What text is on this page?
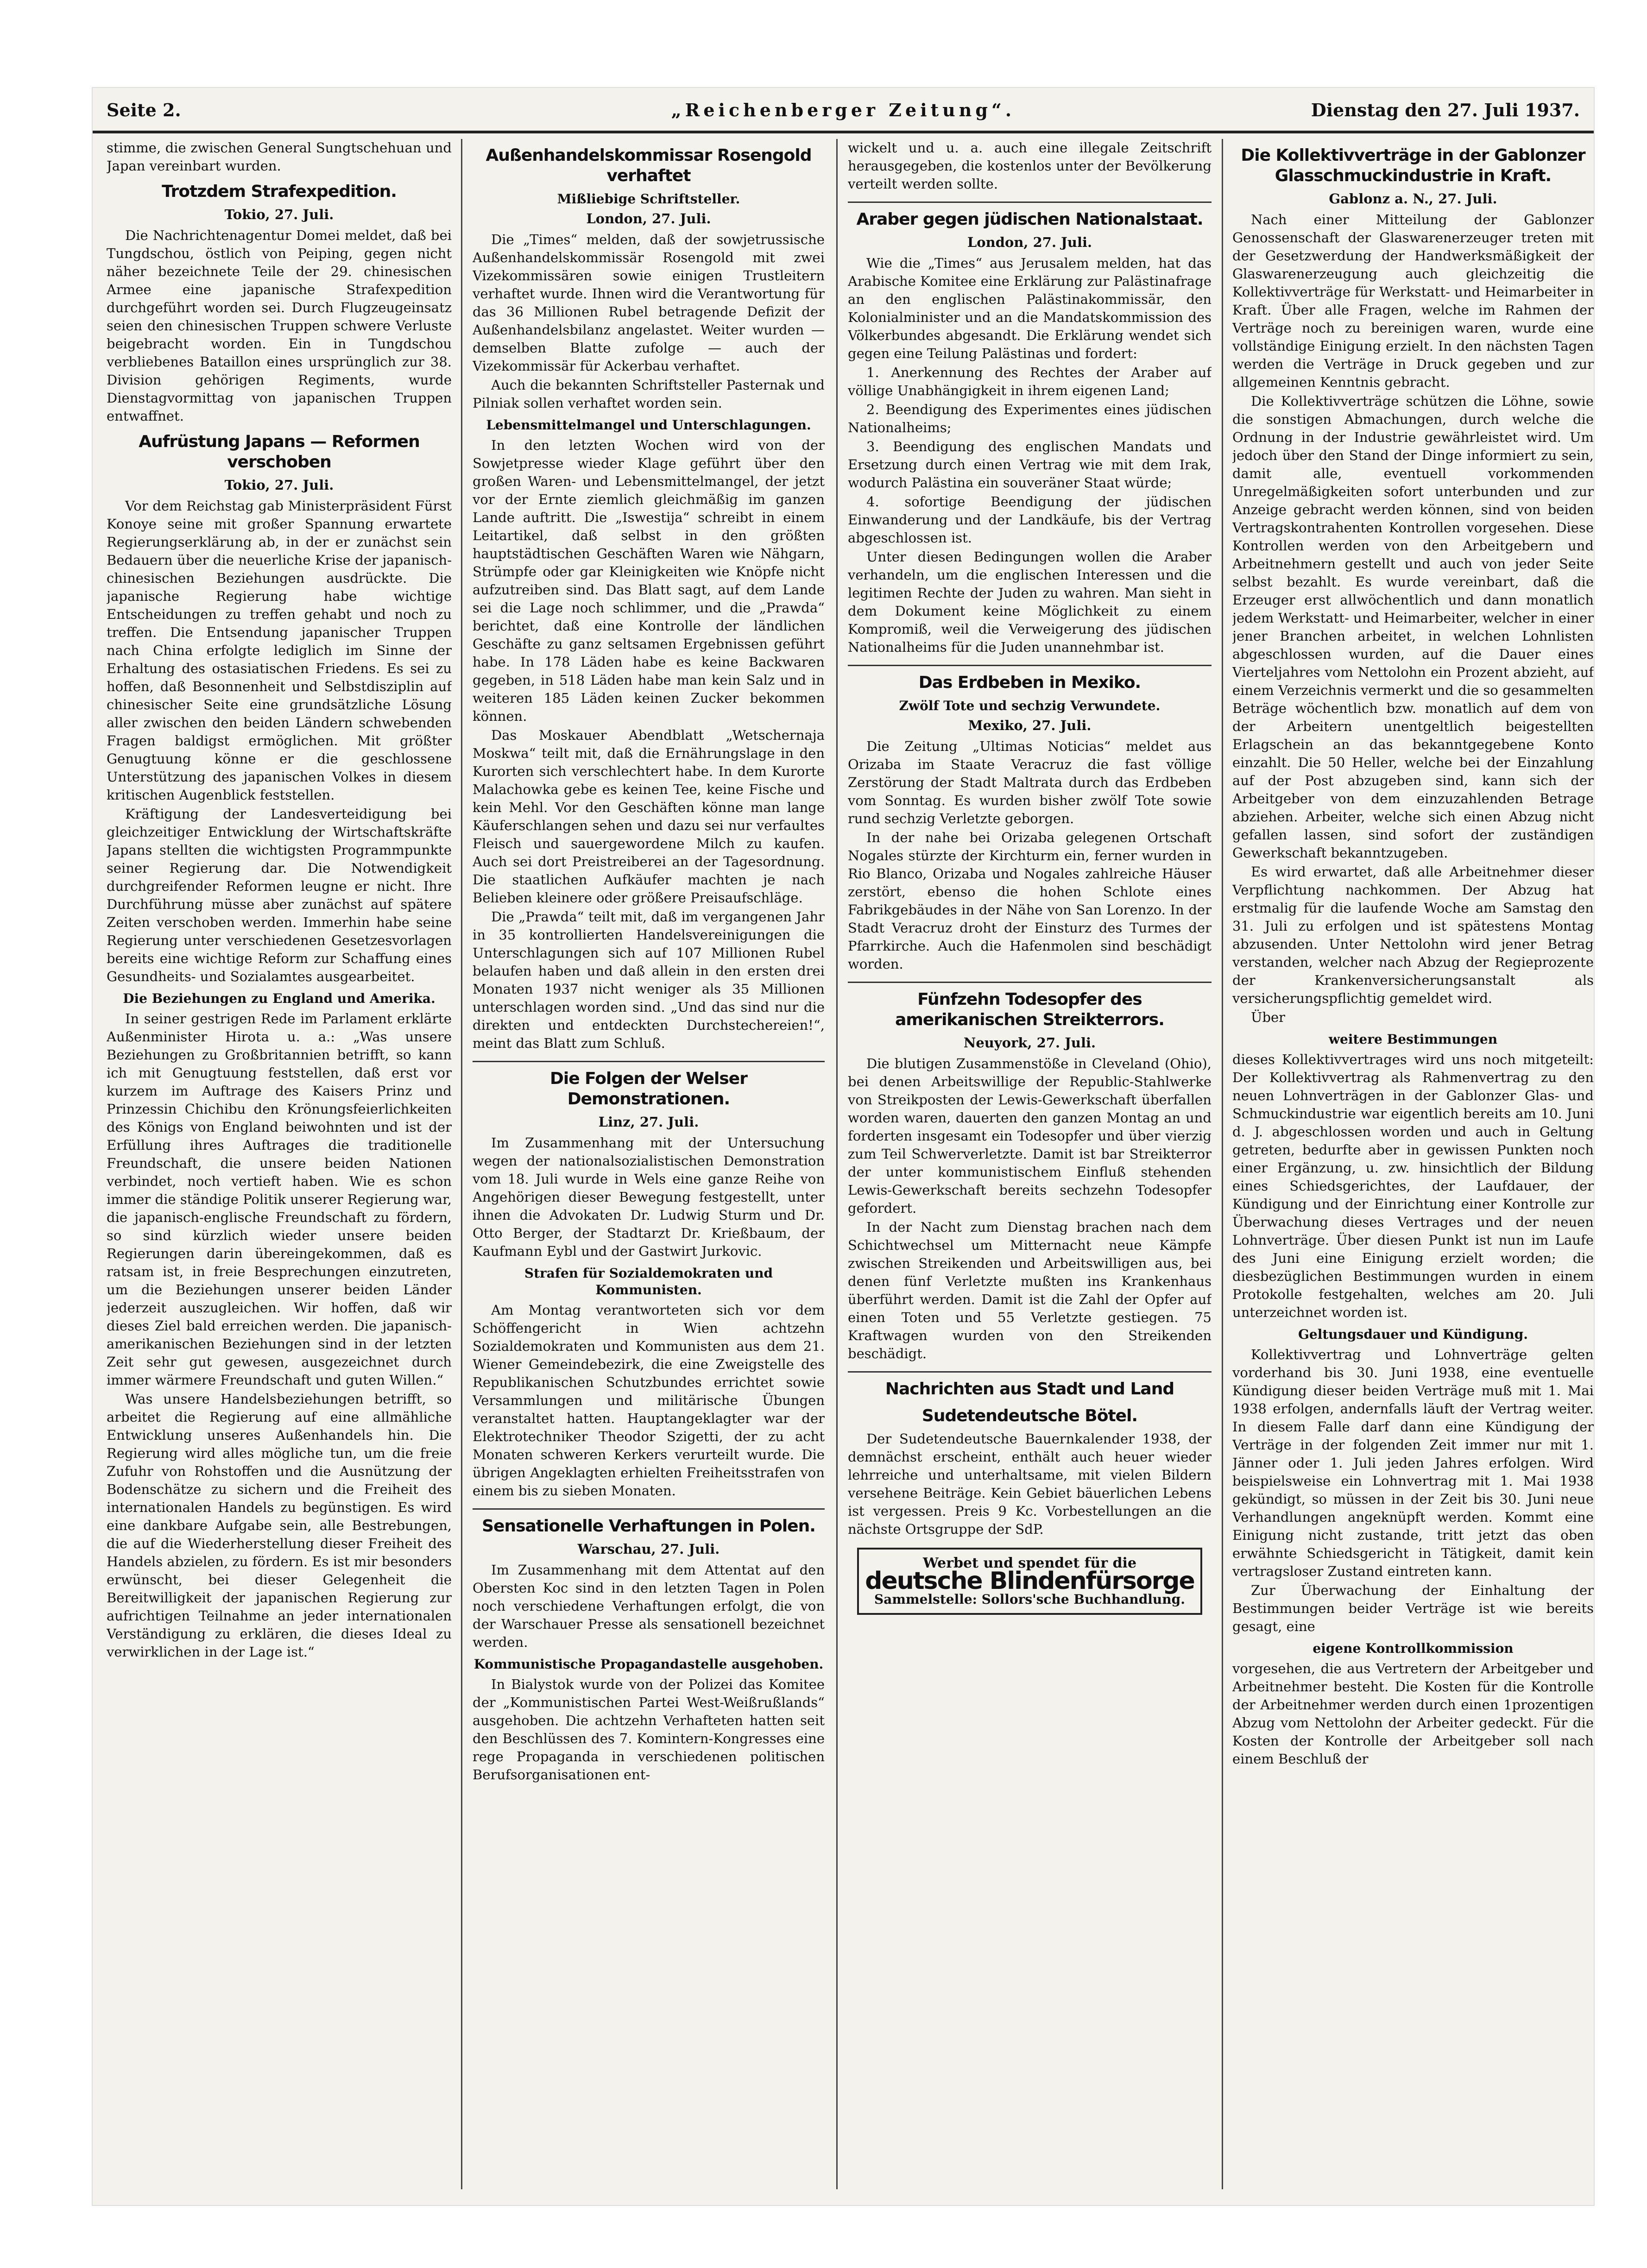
Seite 2.	„Reichenberger Zeitung“.	Dienstag den 27. Juli 1937.

stimme, die zwischen General Sungtschehuan und Japan vereinbart wurden.

Trotzdem Strafexpedition.
Tokio, 27. Juli.

Die Nachrichtenagentur Domei meldet, daß bei Tungdschou, östlich von Peiping, gegen nicht näher bezeichnete Teile der 29. chinesischen Armee eine japanische Strafexpedition durchgeführt worden sei. Durch Flugzeugeinsatz seien den chinesischen Truppen schwere Verluste beigebracht worden. Ein in Tungdschou verbliebenes Bataillon eines ursprünglich zur 38. Division gehörigen Regiments, wurde Dienstagvormittag von japanischen Truppen entwaffnet.

Aufrüstung Japans — Reformen verschoben
Tokio, 27. Juli.

Vor dem Reichstag gab Ministerpräsident Fürst Konoye seine mit großer Spannung erwartete Regierungserklärung ab, in der er zunächst sein Bedauern über die neuerliche Krise der japanisch-chinesischen Beziehungen ausdrückte. Die japanische Regierung habe wichtige Entscheidungen zu treffen gehabt und noch zu treffen. Die Entsendung japanischer Truppen nach China erfolgte lediglich im Sinne der Erhaltung des ostasiatischen Friedens. Es sei zu hoffen, daß Besonnenheit und Selbstdisziplin auf chinesischer Seite eine grundsätzliche Lösung aller zwischen den beiden Ländern schwebenden Fragen baldigst ermöglichen. Mit größter Genugtuung könne er die geschlossene Unterstützung des japanischen Volkes in diesem kritischen Augenblick feststellen.

Kräftigung der Landesverteidigung bei gleichzeitiger Entwicklung der Wirtschaftskräfte Japans stellten die wichtigsten Programmpunkte seiner Regierung dar. Die Notwendigkeit durchgreifender Reformen leugne er nicht. Ihre Durchführung müsse aber zunächst auf spätere Zeiten verschoben werden. Immerhin habe seine Regierung unter verschiedenen Gesetzesvorlagen bereits eine wichtige Reform zur Schaffung eines Gesundheits- und Sozialamtes ausgearbeitet.

Die Beziehungen zu England und Amerika.

In seiner gestrigen Rede im Parlament erklärte Außenminister Hirota u. a.: „Was unsere Beziehungen zu Großbritannien betrifft, so kann ich mit Genugtuung feststellen, daß erst vor kurzem im Auftrage des Kaisers Prinz und Prinzessin Chichibu den Krönungsfeierlichkeiten des Königs von England beiwohnten und ist der Erfüllung ihres Auftrages die traditionelle Freundschaft, die unsere beiden Nationen verbindet, noch vertieft haben. Wie es schon immer die ständige Politik unserer Regierung war, die japanisch-englische Freundschaft zu fördern, so sind kürzlich wieder unsere beiden Regierungen darin übereingekommen, daß es ratsam ist, in freie Besprechungen einzutreten, um die Beziehungen unserer beiden Länder jederzeit auszugleichen. Wir hoffen, daß wir dieses Ziel bald erreichen werden. Die japanisch-amerikanischen Beziehungen sind in der letzten Zeit sehr gut gewesen, ausgezeichnet durch immer wärmere Freundschaft und guten Willen.“

Was unsere Handelsbeziehungen betrifft, so arbeitet die Regierung auf eine allmähliche Entwicklung unseres Außenhandels hin. Die Regierung wird alles mögliche tun, um die freie Zufuhr von Rohstoffen und die Ausnützung der Bodenschätze zu sichern und die Freiheit des internationalen Handels zu begünstigen. Es wird eine dankbare Aufgabe sein, alle Bestrebungen, die auf die Wiederherstellung dieser Freiheit des Handels abzielen, zu fördern. Es ist mir besonders erwünscht, bei dieser Gelegenheit die Bereitwilligkeit der japanischen Regierung zur aufrichtigen Teilnahme an jeder internationalen Verständigung zu erklären, die dieses Ideal zu verwirklichen in der Lage ist.“

Außenhandelskommissar Rosengold verhaftet
Mißliebige Schriftsteller.
London, 27. Juli.

Die „Times“ melden, daß der sowjetrussische Außenhandelskommissär Rosengold mit zwei Vizekommissären sowie einigen Trustleitern verhaftet wurde. Ihnen wird die Verantwortung für das 36 Millionen Rubel betragende Defizit der Außenhandelsbilanz angelastet. Weiter wurden — demselben Blatte zufolge — auch der Vizekommissär für Ackerbau verhaftet.

Auch die bekannten Schriftsteller Pasternak und Pilniak sollen verhaftet worden sein.

Lebensmittelmangel und Unterschlagungen.

In den letzten Wochen wird von der Sowjetpresse wieder Klage geführt über den großen Waren- und Lebensmittelmangel, der jetzt vor der Ernte ziemlich gleichmäßig im ganzen Lande auftritt. Die „Iswestija“ schreibt in einem Leitartikel, daß selbst in den größten hauptstädtischen Geschäften Waren wie Nähgarn, Strümpfe oder gar Kleinigkeiten wie Knöpfe nicht aufzutreiben sind. Das Blatt sagt, auf dem Lande sei die Lage noch schlimmer, und die „Prawda“ berichtet, daß eine Kontrolle der ländlichen Geschäfte zu ganz seltsamen Ergebnissen geführt habe. In 178 Läden habe es keine Backwaren gegeben, in 518 Läden habe man kein Salz und in weiteren 185 Läden keinen Zucker bekommen können.

Das Moskauer Abendblatt „Wetschernaja Moskwa“ teilt mit, daß die Ernährungslage in den Kurorten sich verschlechtert habe. In dem Kurorte Malachowka gebe es keinen Tee, keine Fische und kein Mehl. Vor den Geschäften könne man lange Käuferschlangen sehen und dazu sei nur verfaultes Fleisch und sauergewordene Milch zu kaufen. Auch sei dort Preistreiberei an der Tagesordnung. Die staatlichen Aufkäufer machten je nach Belieben kleinere oder größere Preisaufschläge.

Die „Prawda“ teilt mit, daß im vergangenen Jahr in 35 kontrollierten Handelsvereinigungen die Unterschlagungen sich auf 107 Millionen Rubel belaufen haben und daß allein in den ersten drei Monaten 1937 nicht weniger als 35 Millionen unterschlagen worden sind. „Und das sind nur die direkten und entdeckten Durchstechereien!“, meint das Blatt zum Schluß.

Die Folgen der Welser Demonstrationen.
Linz, 27. Juli.

Im Zusammenhang mit der Untersuchung wegen der nationalsozialistischen Demonstration vom 18. Juli wurde in Wels eine ganze Reihe von Angehörigen dieser Bewegung festgestellt, unter ihnen die Advokaten Dr. Ludwig Sturm und Dr. Otto Berger, der Stadtarzt Dr. Krießbaum, der Kaufmann Eybl und der Gastwirt Jurkovic.

Strafen für Sozialdemokraten und Kommunisten.

Am Montag verantworteten sich vor dem Schöffengericht in Wien achtzehn Sozialdemokraten und Kommunisten aus dem 21. Wiener Gemeindebezirk, die eine Zweigstelle des Republikanischen Schutzbundes errichtet sowie Versammlungen und militärische Übungen veranstaltet hatten. Hauptangeklagter war der Elektrotechniker Theodor Szigetti, der zu acht Monaten schweren Kerkers verurteilt wurde. Die übrigen Angeklagten erhielten Freiheitsstrafen von einem bis zu sieben Monaten.

Sensationelle Verhaftungen in Polen.
Warschau, 27. Juli.

Im Zusammenhang mit dem Attentat auf den Obersten Koc sind in den letzten Tagen in Polen noch verschiedene Verhaftungen erfolgt, die von der Warschauer Presse als sensationell bezeichnet werden.

Kommunistische Propagandastelle ausgehoben.

In Bialystok wurde von der Polizei das Komitee der „Kommunistischen Partei West-Weißrußlands“ ausgehoben. Die achtzehn Verhafteten hatten seit den Beschlüssen des 7. Komintern-Kongresses eine rege Propaganda in verschiedenen politischen Berufsorganisationen ent-

wickelt und u. a. auch eine illegale Zeitschrift herausgegeben, die kostenlos unter der Bevölkerung verteilt werden sollte.

Araber gegen jüdischen Nationalstaat.
London, 27. Juli.

Wie die „Times“ aus Jerusalem melden, hat das Arabische Komitee eine Erklärung zur Palästinafrage an den englischen Palästinakommissär, den Kolonialminister und an die Mandatskommission des Völkerbundes abgesandt. Die Erklärung wendet sich gegen eine Teilung Palästinas und fordert:

1. Anerkennung des Rechtes der Araber auf völlige Unabhängigkeit in ihrem eigenen Land;

2. Beendigung des Experimentes eines jüdischen Nationalheims;

3. Beendigung des englischen Mandats und Ersetzung durch einen Vertrag wie mit dem Irak, wodurch Palästina ein souveräner Staat würde;

4. sofortige Beendigung der jüdischen Einwanderung und der Landkäufe, bis der Vertrag abgeschlossen ist.

Unter diesen Bedingungen wollen die Araber verhandeln, um die englischen Interessen und die legitimen Rechte der Juden zu wahren. Man sieht in dem Dokument keine Möglichkeit zu einem Kompromiß, weil die Verweigerung des jüdischen Nationalheims für die Juden unannehmbar ist.

Das Erdbeben in Mexiko.
Zwölf Tote und sechzig Verwundete.
Mexiko, 27. Juli.

Die Zeitung „Ultimas Noticias“ meldet aus Orizaba im Staate Veracruz die fast völlige Zerstörung der Stadt Maltrata durch das Erdbeben vom Sonntag. Es wurden bisher zwölf Tote sowie rund sechzig Verletzte geborgen.

In der nahe bei Orizaba gelegenen Ortschaft Nogales stürzte der Kirchturm ein, ferner wurden in Rio Blanco, Orizaba und Nogales zahlreiche Häuser zerstört, ebenso die hohen Schlote eines Fabrikgebäudes in der Nähe von San Lorenzo. In der Stadt Veracruz droht der Einsturz des Turmes der Pfarrkirche. Auch die Hafenmolen sind beschädigt worden.

Fünfzehn Todesopfer des amerikanischen Streikterrors.
Neuyork, 27. Juli.

Die blutigen Zusammenstöße in Cleveland (Ohio), bei denen Arbeitswillige der Republic-Stahlwerke von Streikposten der Lewis-Gewerkschaft überfallen worden waren, dauerten den ganzen Montag an und forderten insgesamt ein Todesopfer und über vierzig zum Teil Schwerverletzte. Damit ist bar Streikterror der unter kommunistischem Einfluß stehenden Lewis-Gewerkschaft bereits sechzehn Todesopfer gefordert.

In der Nacht zum Dienstag brachen nach dem Schichtwechsel um Mitternacht neue Kämpfe zwischen Streikenden und Arbeitswilligen aus, bei denen fünf Verletzte mußten ins Krankenhaus überführt werden. Damit ist die Zahl der Opfer auf einen Toten und 55 Verletzte gestiegen. 75 Kraftwagen wurden von den Streikenden beschädigt.

Nachrichten aus Stadt und Land
Sudetendeutsche Bötel.

Der Sudetendeutsche Bauernkalender 1938, der demnächst erscheint, enthält auch heuer wieder lehrreiche und unterhaltsame, mit vielen Bildern versehene Beiträge. Kein Gebiet bäuerlichen Lebens ist vergessen. Preis 9 Kc. Vorbestellungen an die nächste Ortsgruppe der SdP.

Werbet und spendet für die
deutsche Blindenfürsorge
Sammelstelle: Sollors'sche Buchhandlung.
Die Kollektivverträge in der Gablonzer Glasschmuckindustrie in Kraft.
Gablonz a. N., 27. Juli.

Nach einer Mitteilung der Gablonzer Genossenschaft der Glaswarenerzeuger treten mit der Gesetzwerdung der Handwerksmäßigkeit der Glaswarenerzeugung auch gleichzeitig die Kollektivverträge für Werkstatt- und Heimarbeiter in Kraft. Über alle Fragen, welche im Rahmen der Verträge noch zu bereinigen waren, wurde eine vollständige Einigung erzielt. In den nächsten Tagen werden die Verträge in Druck gegeben und zur allgemeinen Kenntnis gebracht.

Die Kollektivverträge schützen die Löhne, sowie die sonstigen Abmachungen, durch welche die Ordnung in der Industrie gewährleistet wird. Um jedoch über den Stand der Dinge informiert zu sein, damit alle, eventuell vorkommenden Unregelmäßigkeiten sofort unterbunden und zur Anzeige gebracht werden können, sind von beiden Vertragskontrahenten Kontrollen vorgesehen. Diese Kontrollen werden von den Arbeitgebern und Arbeitnehmern gestellt und auch von jeder Seite selbst bezahlt. Es wurde vereinbart, daß die Erzeuger erst allwöchentlich und dann monatlich jedem Werkstatt- und Heimarbeiter, welcher in einer jener Branchen arbeitet, in welchen Lohnlisten abgeschlossen wurden, auf die Dauer eines Vierteljahres vom Nettolohn ein Prozent abzieht, auf einem Verzeichnis vermerkt und die so gesammelten Beträge wöchentlich bzw. monatlich auf dem von der Arbeitern unentgeltlich beigestellten Erlagschein an das bekanntgegebene Konto einzahlt. Die 50 Heller, welche bei der Einzahlung auf der Post abzugeben sind, kann sich der Arbeitgeber von dem einzuzahlenden Betrage abziehen. Arbeiter, welche sich einen Abzug nicht gefallen lassen, sind sofort der zuständigen Gewerkschaft bekanntzugeben.

Es wird erwartet, daß alle Arbeitnehmer dieser Verpflichtung nachkommen. Der Abzug hat erstmalig für die laufende Woche am Samstag den 31. Juli zu erfolgen und ist spätestens Montag abzusenden. Unter Nettolohn wird jener Betrag verstanden, welcher nach Abzug der Regieprozente der Krankenversicherungsanstalt als versicherungspflichtig gemeldet wird.

Über

weitere Bestimmungen

dieses Kollektivvertrages wird uns noch mitgeteilt: Der Kollektivvertrag als Rahmenvertrag zu den neuen Lohnverträgen in der Gablonzer Glas- und Schmuckindustrie war eigentlich bereits am 10. Juni d. J. abgeschlossen worden und auch in Geltung getreten, bedurfte aber in gewissen Punkten noch einer Ergänzung, u. zw. hinsichtlich der Bildung eines Schiedsgerichtes, der Laufdauer, der Kündigung und der Einrichtung einer Kontrolle zur Überwachung dieses Vertrages und der neuen Lohnverträge. Über diesen Punkt ist nun im Laufe des Juni eine Einigung erzielt worden; die diesbezüglichen Bestimmungen wurden in einem Protokolle festgehalten, welches am 20. Juli unterzeichnet worden ist.

Geltungsdauer und Kündigung.

Kollektivvertrag und Lohnverträge gelten vorderhand bis 30. Juni 1938, eine eventuelle Kündigung dieser beiden Verträge muß mit 1. Mai 1938 erfolgen, andernfalls läuft der Vertrag weiter. In diesem Falle darf dann eine Kündigung der Verträge in der folgenden Zeit immer nur mit 1. Jänner oder 1. Juli jeden Jahres erfolgen. Wird beispielsweise ein Lohnvertrag mit 1. Mai 1938 gekündigt, so müssen in der Zeit bis 30. Juni neue Verhandlungen angeknüpft werden. Kommt eine Einigung nicht zustande, tritt jetzt das oben erwähnte Schiedsgericht in Tätigkeit, damit kein vertragsloser Zustand eintreten kann.

Zur Überwachung der Einhaltung der Bestimmungen beider Verträge ist wie bereits gesagt, eine

eigene Kontrollkommission

vorgesehen, die aus Vertretern der Arbeitgeber und Arbeitnehmer besteht. Die Kosten für die Kontrolle der Arbeitnehmer werden durch einen 1prozentigen Abzug vom Nettolohn der Arbeiter gedeckt. Für die Kosten der Kontrolle der Arbeitgeber soll nach einem Beschluß der
